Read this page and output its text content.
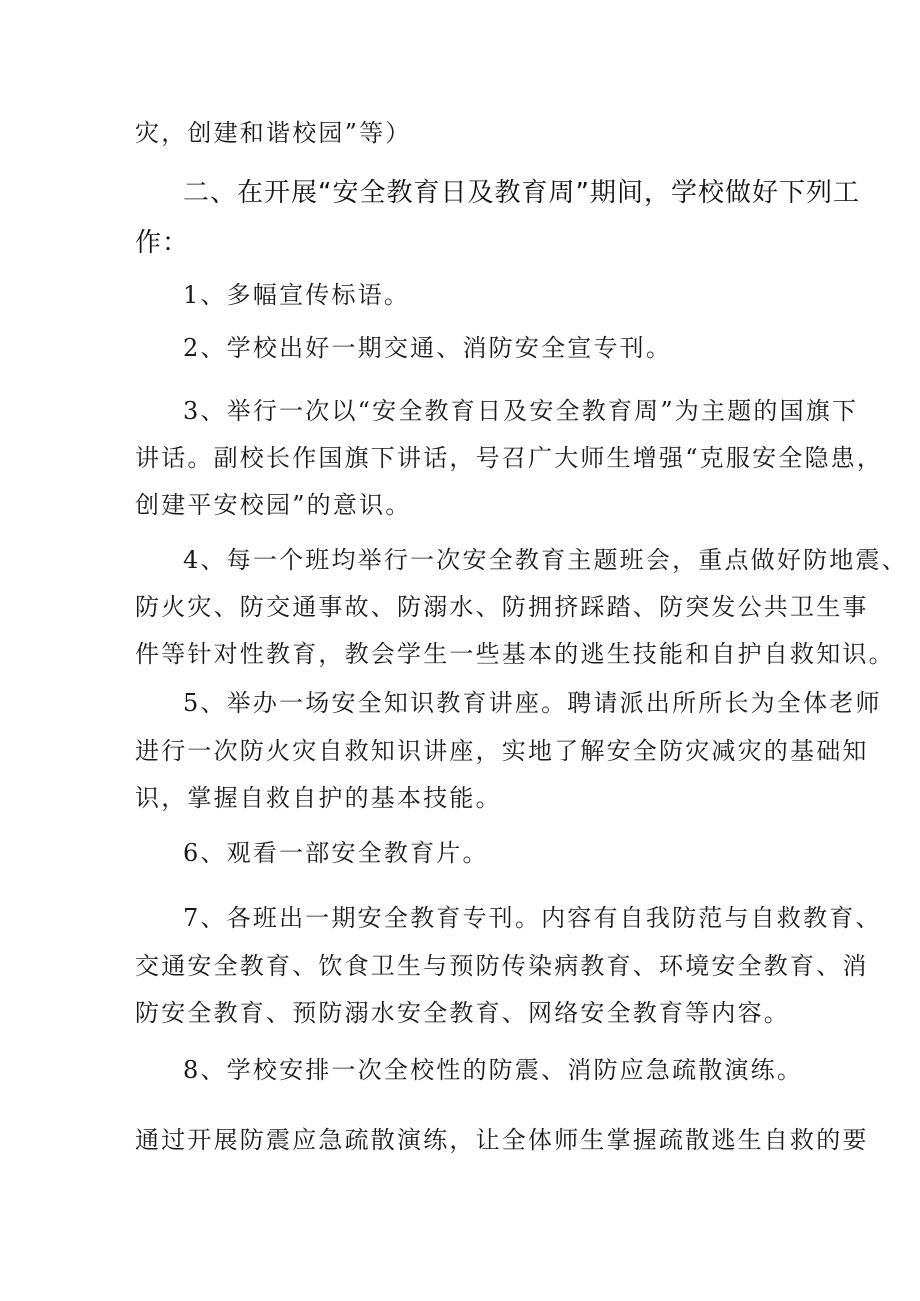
灾，创建和谐校园”等）
二、在开展“安全教育日及教育周”期间，学校做好下列工
作：
1、多幅宣传标语。
2、学校出好一期交通、消防安全宣专刊。
3、举行一次以“安全教育日及安全教育周”为主题的国旗下
讲话。副校长作国旗下讲话，号召广大师生增强“克服安全隐患，
创建平安校园”的意识。
4、每一个班均举行一次安全教育主题班会，重点做好防地震、
防火灾、防交通事故、防溺水、防拥挤踩踏、防突发公共卫生事
件等针对性教育，教会学生一些基本的逃生技能和自护自救知识。
5、举办一场安全知识教育讲座。聘请派出所所长为全体老师
进行一次防火灾自救知识讲座，实地了解安全防灾减灾的基础知
识，掌握自救自护的基本技能。
6、观看一部安全教育片。
7、各班出一期安全教育专刊。内容有自我防范与自救教育、
交通安全教育、饮食卫生与预防传染病教育、环境安全教育、消
防安全教育、预防溺水安全教育、网络安全教育等内容。
8、学校安排一次全校性的防震、消防应急疏散演练。
通过开展防震应急疏散演练，让全体师生掌握疏散逃生自救的要
